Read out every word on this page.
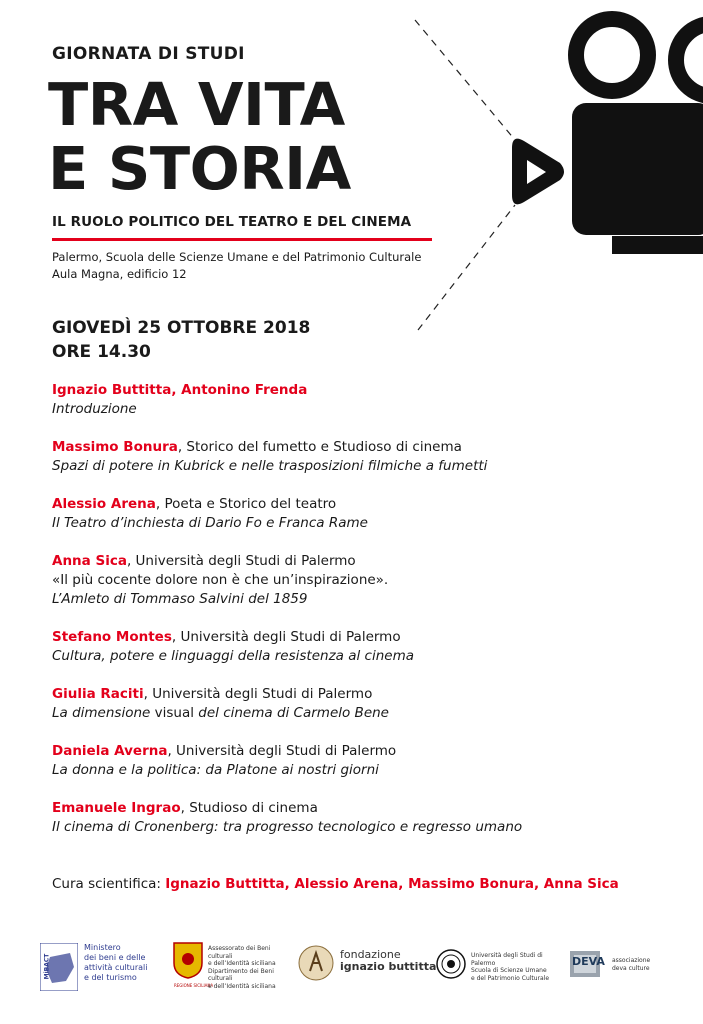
GIORNATA DI STUDI
TRA VITA
E STORIA
IL RUOLO POLITICO DEL TEATRO E DEL CINEMA
Palermo, Scuola delle Scienze Umane e del Patrimonio Culturale
Aula Magna, edificio 12
GIOVEDÌ 25 OTTOBRE 2018
ORE 14.30
Ignazio Buttitta, Antonino Frenda
Introduzione
Massimo Bonura, Storico del fumetto e Studioso di cinema
Spazi di potere in Kubrick e nelle trasposizioni filmiche a fumetti
Alessio Arena, Poeta e Storico del teatro
Il Teatro d’inchiesta di Dario Fo e Franca Rame
Anna Sica, Università degli Studi di Palermo
«Il più cocente dolore non è che un’inspirazione».
L’Amleto di Tommaso Salvini del 1859
Stefano Montes, Università degli Studi di Palermo
Cultura, potere e linguaggi della resistenza al cinema
Giulia Raciti, Università degli Studi di Palermo
La dimensione visual del cinema di Carmelo Bene
Daniela Averna, Università degli Studi di Palermo
La donna e la politica: da Platone ai nostri giorni
Emanuele Ingrao, Studioso di cinema
Il cinema di Cronenberg: tra progresso tecnologico e regresso umano
Cura scientifica: Ignazio Buttitta, Alessio Arena, Massimo Bonura, Anna Sica
MiBACT
Ministero
dei beni e delle
attività culturali
e del turismo
REGIONE SICILIANA
Assessorato dei Beni culturali
e dell’Identità siciliana
Dipartimento dei Beni culturali
e dell’Identità siciliana
fondazione
ignazio buttitta
Università degli Studi di Palermo
Scuola di Scienze Umane
e del Patrimonio Culturale
DEVA associazione
deva culture
